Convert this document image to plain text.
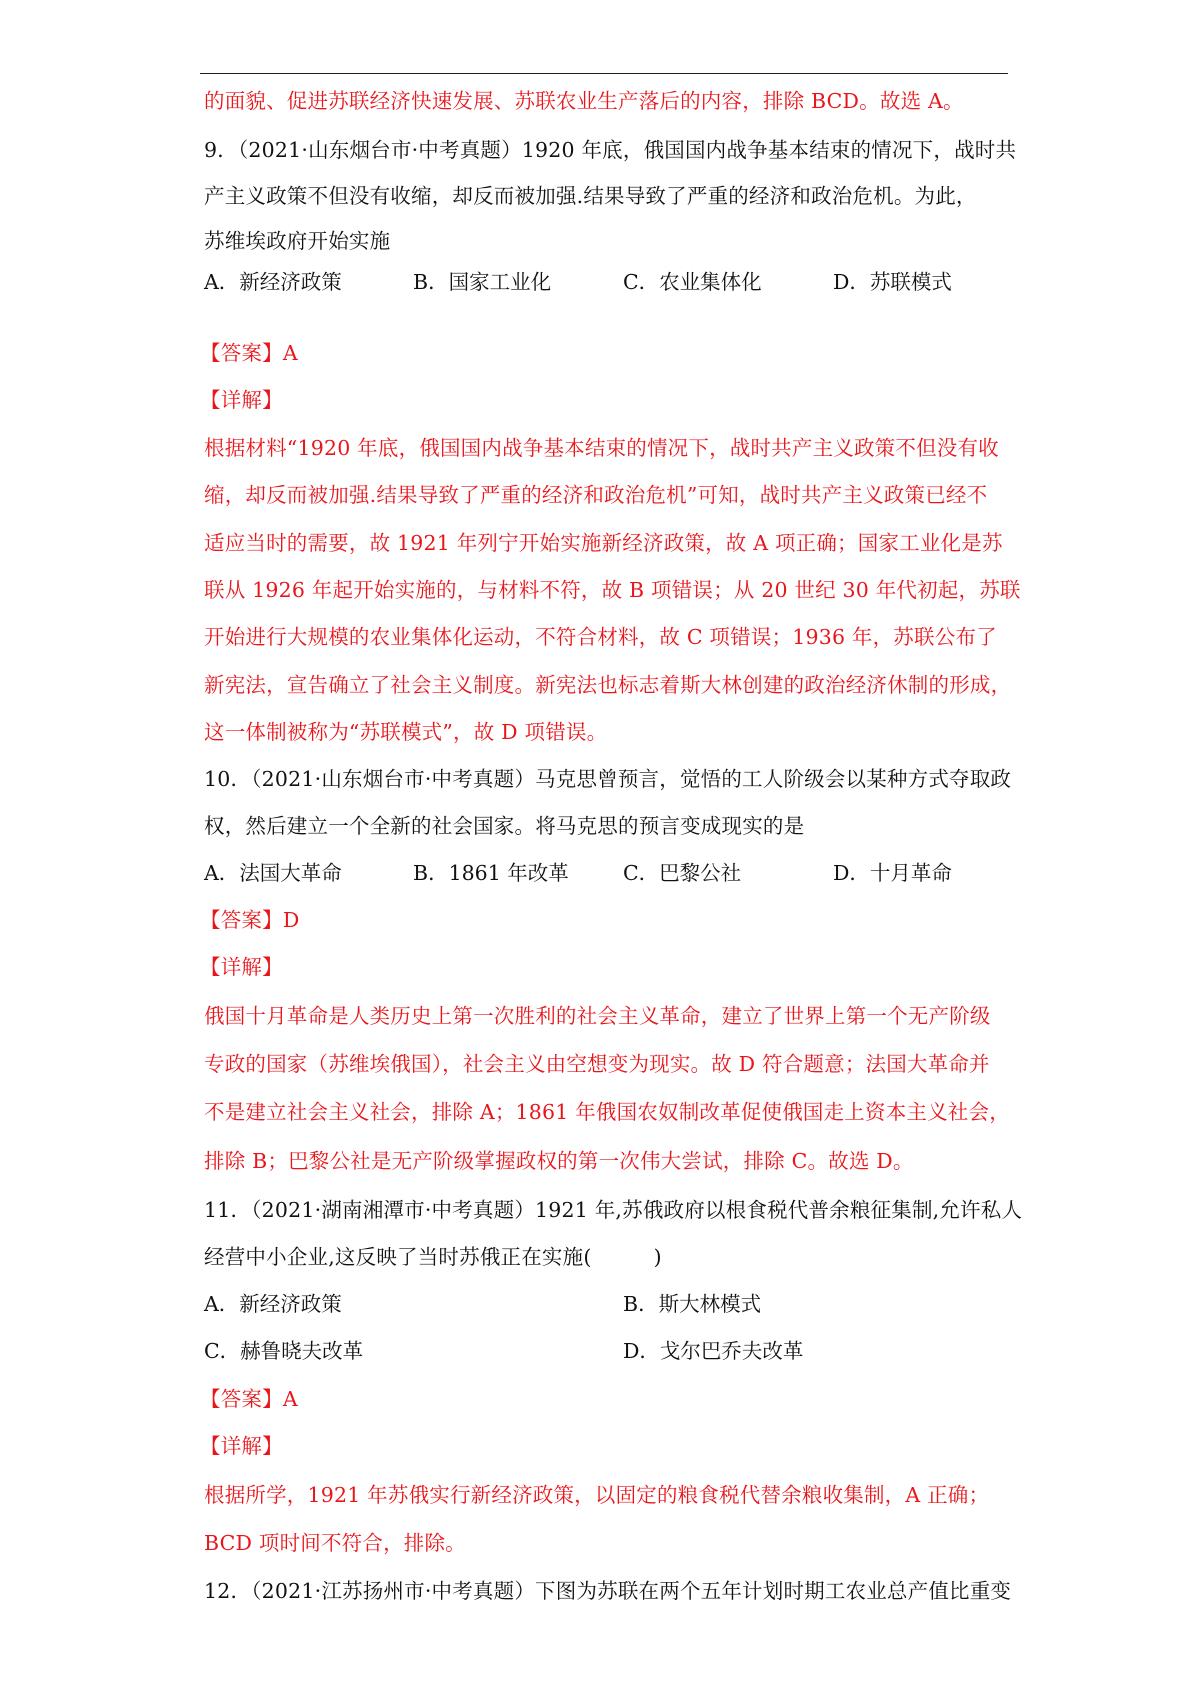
的面貌、促进苏联经济快速发展、苏联农业生产落后的内容，排除 BCD。故选 A。
9．（2021·山东烟台市·中考真题）1920 年底，俄国国内战争基本结束的情况下，战时共
产主义政策不但没有收缩，却反而被加强.结果导致了严重的经济和政治危机。为此，
苏维埃政府开始实施
A．新经济政策	B．国家工业化	C．农业集体化	D．苏联模式
【答案】A
【详解】
根据材料“1920 年底，俄国国内战争基本结束的情况下，战时共产主义政策不但没有收
缩，却反而被加强.结果导致了严重的经济和政治危机”可知，战时共产主义政策已经不
适应当时的需要，故 1921 年列宁开始实施新经济政策，故 A 项正确；国家工业化是苏
联从 1926 年起开始实施的，与材料不符，故 B 项错误；从 20 世纪 30 年代初起，苏联
开始进行大规模的农业集体化运动，不符合材料，故 C 项错误；1936 年，苏联公布了
新宪法，宣告确立了社会主义制度。新宪法也标志着斯大林创建的政治经济休制的形成，
这一体制被称为“苏联模式”，故 D 项错误。
10．（2021·山东烟台市·中考真题）马克思曾预言，觉悟的工人阶级会以某种方式夺取政
权，然后建立一个全新的社会国家。将马克思的预言变成现实的是
A．法国大革命	B．1861 年改革	C．巴黎公社	D．十月革命
【答案】D
【详解】
俄国十月革命是人类历史上第一次胜利的社会主义革命，建立了世界上第一个无产阶级
专政的国家（苏维埃俄国），社会主义由空想变为现实。故 D 符合题意；法国大革命并
不是建立社会主义社会，排除 A；1861 年俄国农奴制改革促使俄国走上资本主义社会，
排除 B；巴黎公社是无产阶级掌握政权的第一次伟大尝试，排除 C。故选 D。
11．（2021·湖南湘潭市·中考真题）1921 年,苏俄政府以根食税代普余粮征集制,允许私人
经营中小企业,这反映了当时苏俄正在实施(　　　)
A．新经济政策	B．斯大林模式
C．赫鲁晓夫改革	D．戈尔巴乔夫改革
【答案】A
【详解】
根据所学，1921 年苏俄实行新经济政策，以固定的粮食税代替余粮收集制，A 正确；
BCD 项时间不符合，排除。
12．（2021·江苏扬州市·中考真题）下图为苏联在两个五年计划时期工农业总产值比重变
